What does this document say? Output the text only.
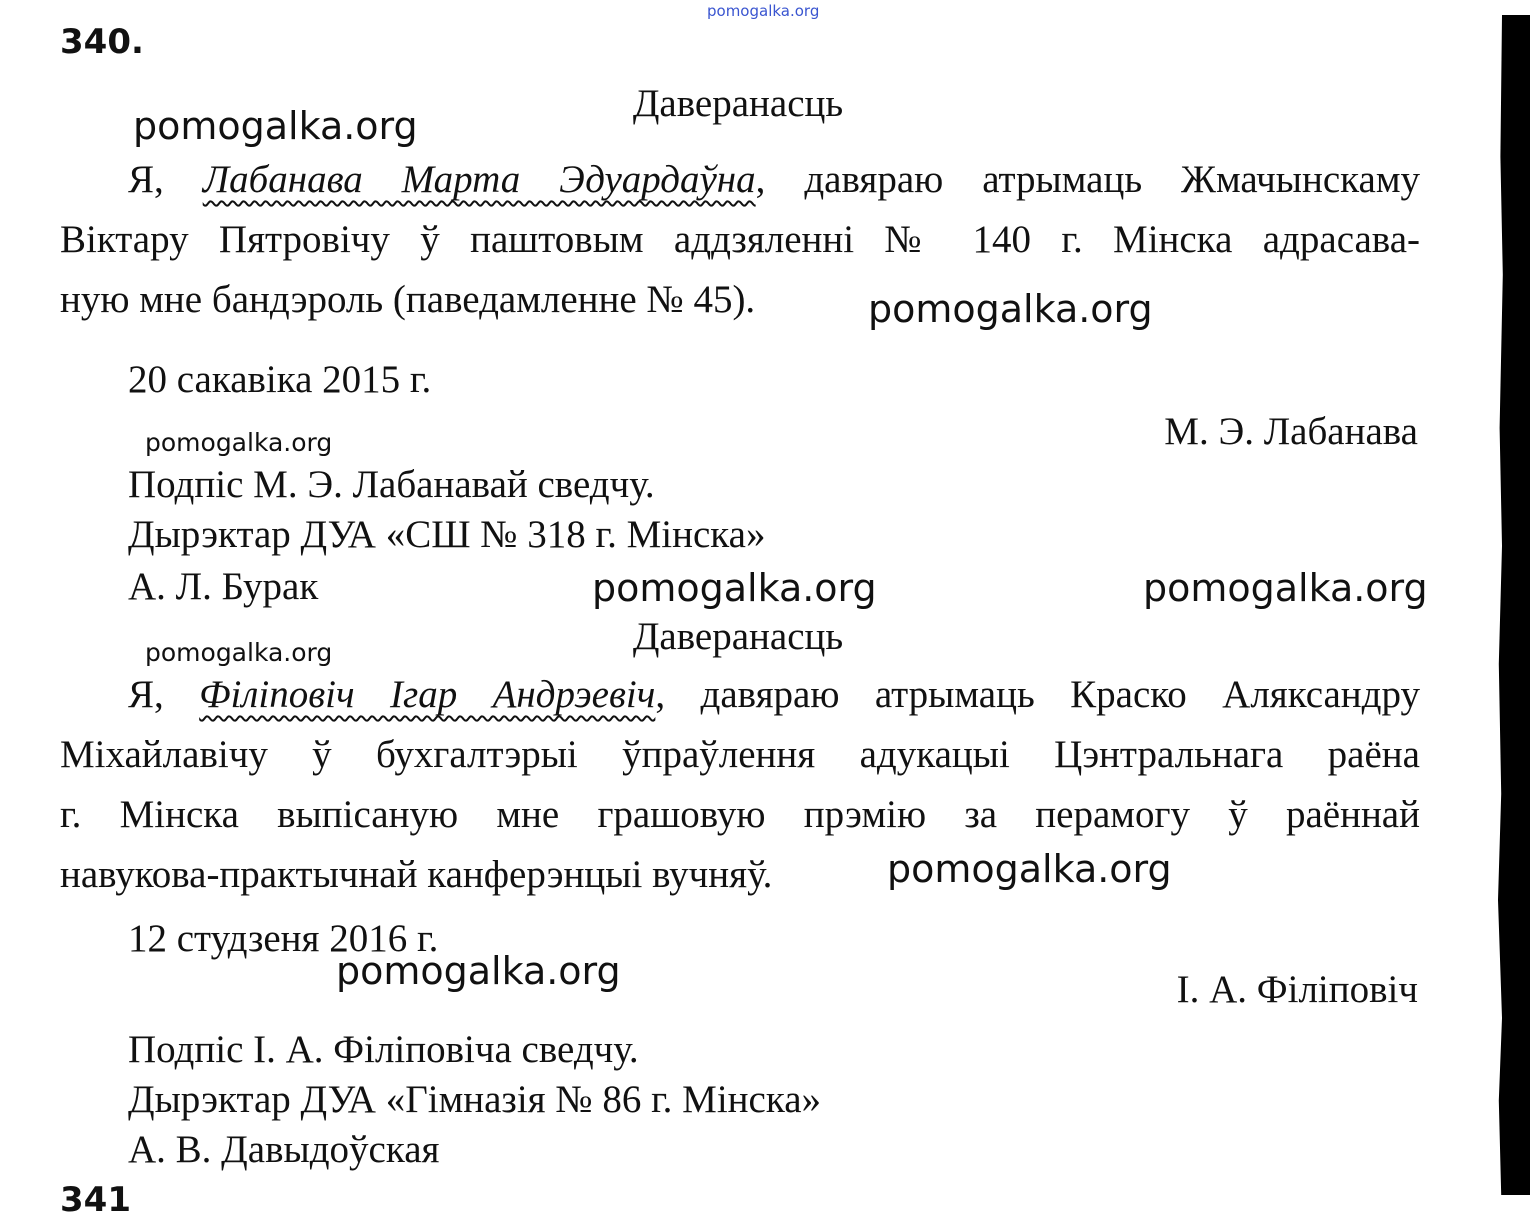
pomogalka.org
340.
Даверанасць
Я, Лабанава Марта Эдуардаўна, давяраю атрымаць Жмачынскаму
Віктару Пятровічу ў паштовым аддзяленні № 140 г. Мінска адрасава-
ную мне бандэроль (паведамленне № 45).
20 сакавіка 2015 г.
М. Э. Лабанава
Подпіс М. Э. Лабанавай сведчу.
Дырэктар ДУА «СШ № 318 г. Мінска»
А. Л. Бурак
Даверанасць
Я, Філіповіч Ігар Андрэевіч, давяраю атрымаць Краско Аляксандру
Міхайлавічу ў бухгалтэрыі ўпраўлення адукацыі Цэнтральнага раёна
г. Мінска выпісаную мне грашовую прэмію за перамогу ў раённай
навукова-практычнай канферэнцыі вучняў.
12 студзеня 2016 г.
І. А. Філіповіч
Подпіс І. А. Філіповіча сведчу.
Дырэктар ДУА «Гімназія № 86 г. Мінска»
А. В. Давыдоўская
341
pomogalka.org
pomogalka.org
pomogalka.org
pomogalka.org	pomogalka.org
pomogalka.org
pomogalka.org
pomogalka.org
